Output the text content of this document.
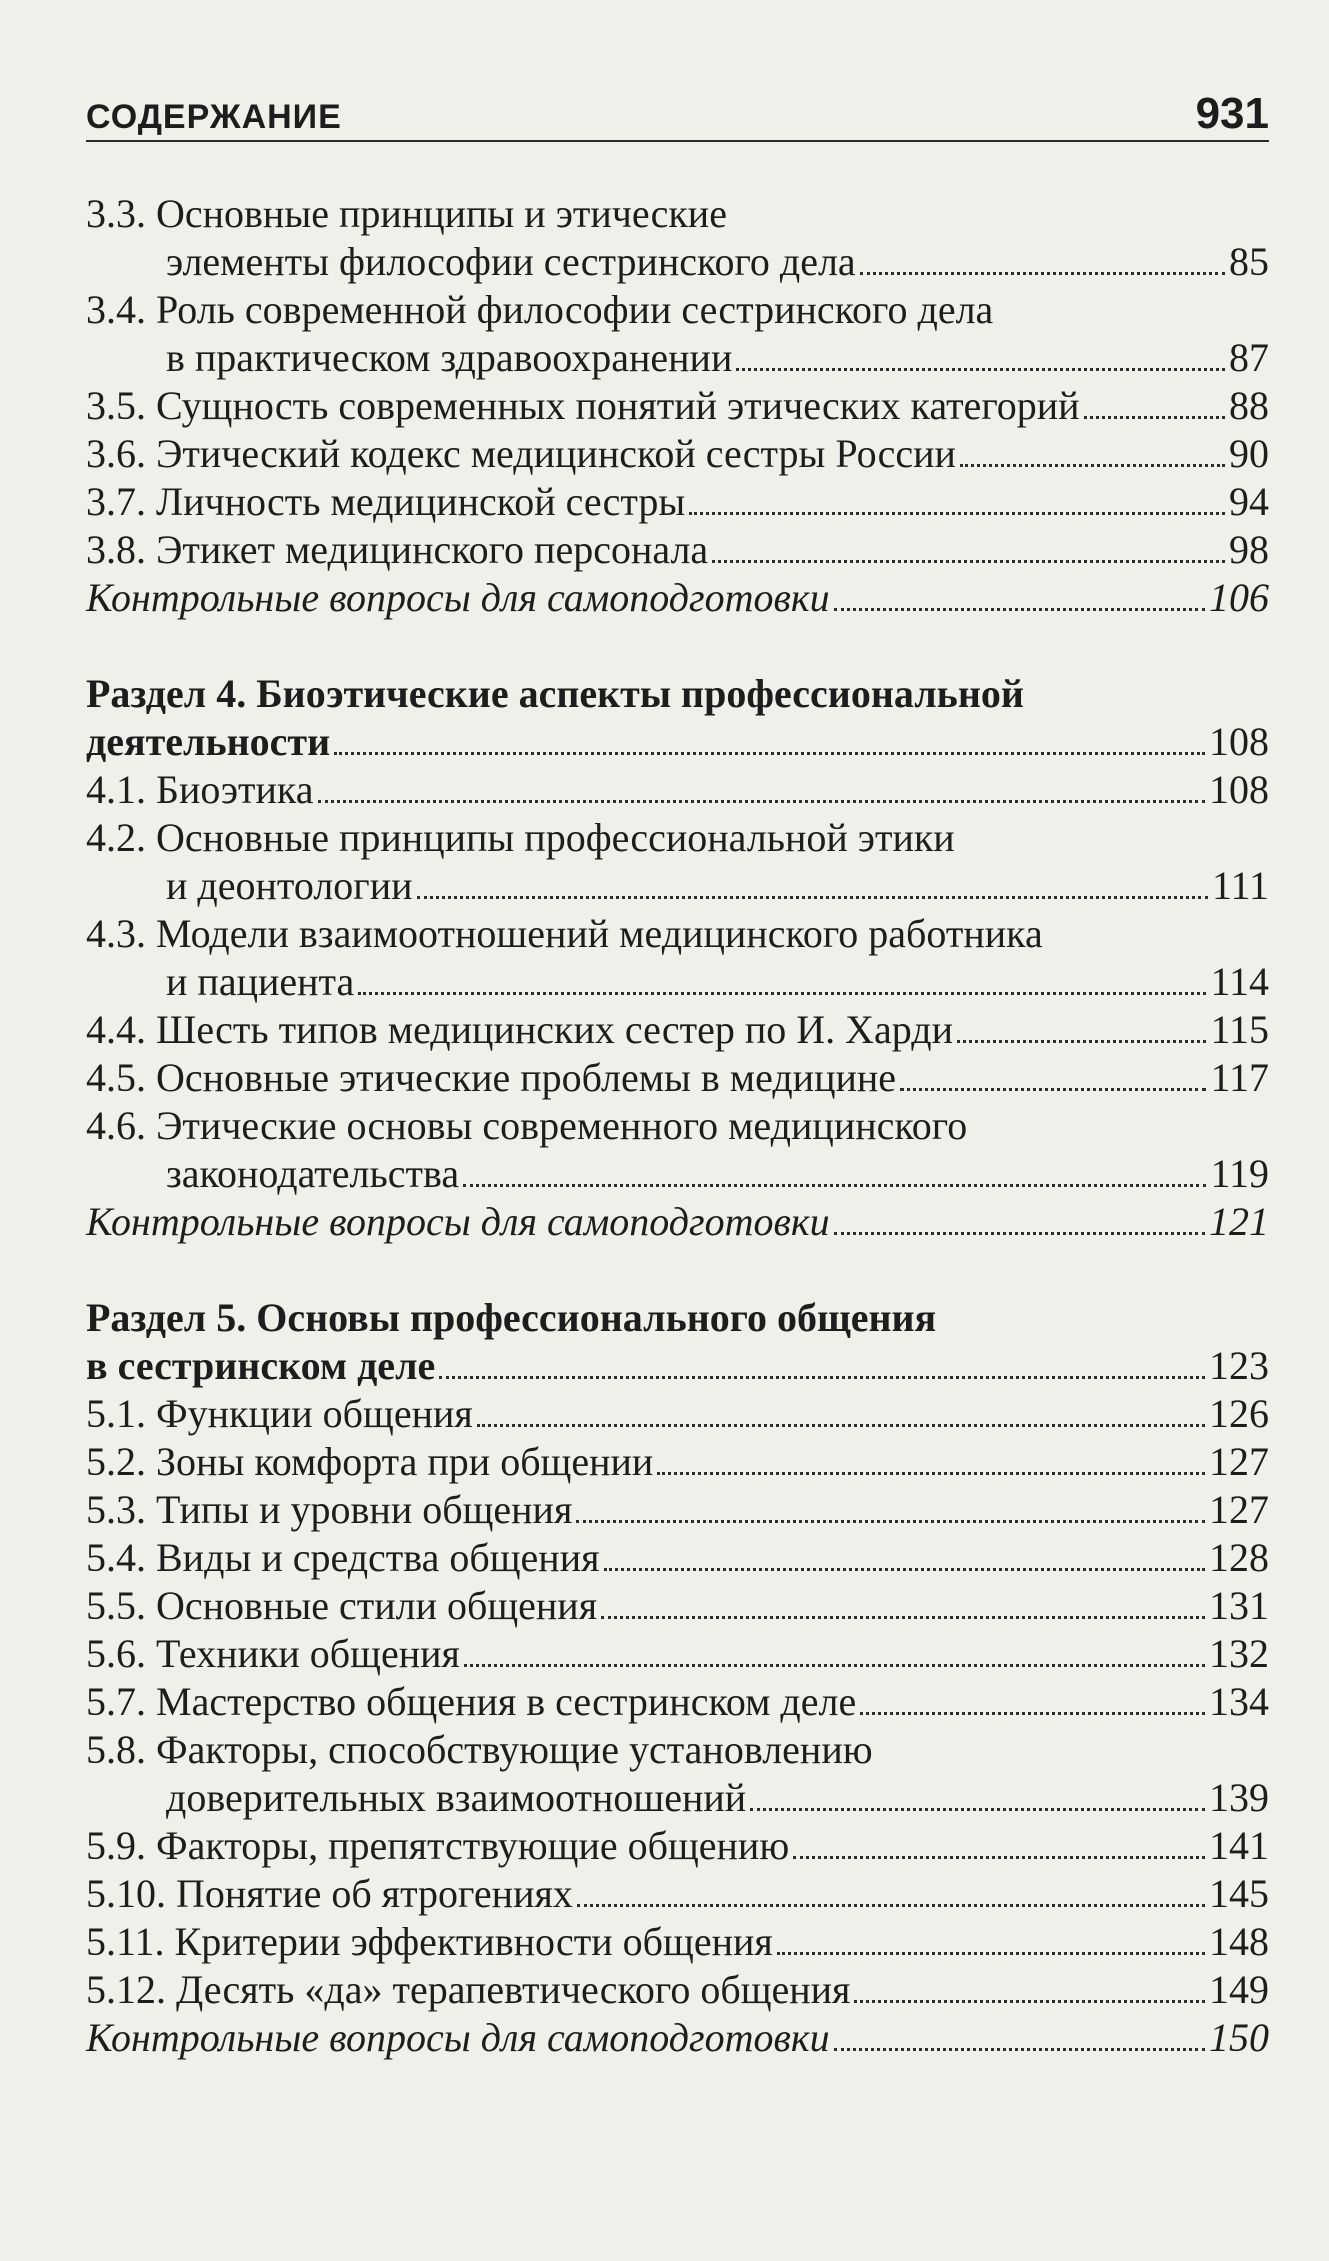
СОДЕРЖАНИЕ	931
3.3. Основные принципы и этические
элементы философии сестринского дела	85
3.4. Роль современной философии сестринского дела
в практическом здравоохранении	87
3.5. Сущность современных понятий этических категорий	88
3.6. Этический кодекс медицинской сестры России	90
3.7. Личность медицинской сестры	94
3.8. Этикет медицинского персонала	98
Контрольные вопросы для самоподготовки	106
Раздел 4. Биоэтические аспекты профессиональной
деятельности	108
4.1. Биоэтика	108
4.2. Основные принципы профессиональной этики
и деонтологии	111
4.3. Модели взаимоотношений медицинского работника
и пациента	114
4.4. Шесть типов медицинских сестер по И. Харди	115
4.5. Основные этические проблемы в медицине	117
4.6. Этические основы современного медицинского
законодательства	119
Контрольные вопросы для самоподготовки	121
Раздел 5. Основы профессионального общения
в сестринском деле	123
5.1. Функции общения	126
5.2. Зоны комфорта при общении	127
5.3. Типы и уровни общения	127
5.4. Виды и средства общения	128
5.5. Основные стили общения	131
5.6. Техники общения	132
5.7. Мастерство общения в сестринском деле	134
5.8. Факторы, способствующие установлению
доверительных взаимоотношений	139
5.9. Факторы, препятствующие общению	141
5.10. Понятие об ятрогениях	145
5.11. Критерии эффективности общения	148
5.12. Десять «да» терапевтического общения	149
Контрольные вопросы для самоподготовки	150
